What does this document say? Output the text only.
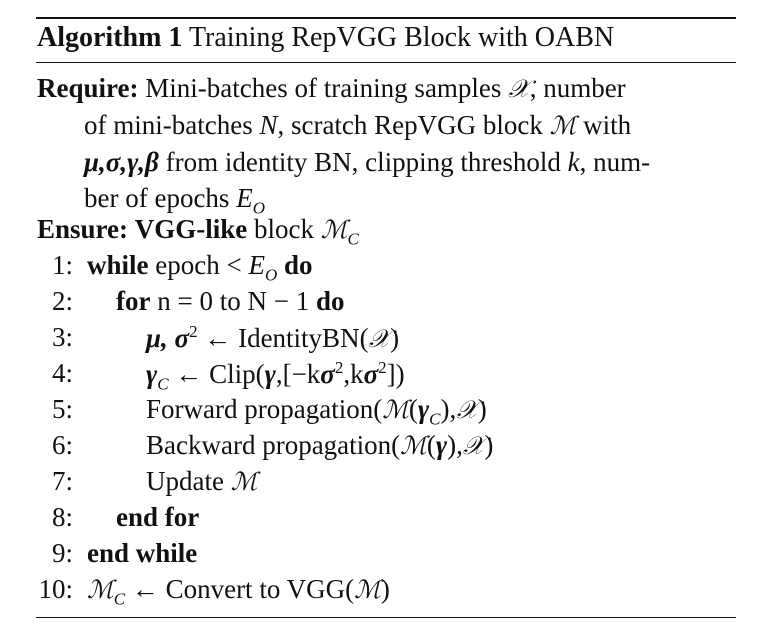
Algorithm 1 Training RepVGG Block with OABN
Require: Mini-batches of training samples 𝒳, number
of mini-batches N, scratch RepVGG block ℳ with
μ,σ,γ,β from identity BN, clipping threshold k, num-
ber of epochs $E_O$
Ensure: VGG-like block ℳ$_C$
1: while epoch < $E_O$ do
2: for n = 0 to N − 1 do
3:	μ, $\sigma^2$ ← IdentityBN(𝒳)
4:	$\gamma_C$ ← $Clip(\gamma,[-k\sigma^2,k\sigma^2])$
5:	Forward $propagation(ℳ(\gamma_C),𝒳)$
6:	Backward propagation(ℳ(γ),𝒳)
7:	Update ℳ
8: end for
9: end while
10: ℳ$_C$ ← Convert to VGG(ℳ)
